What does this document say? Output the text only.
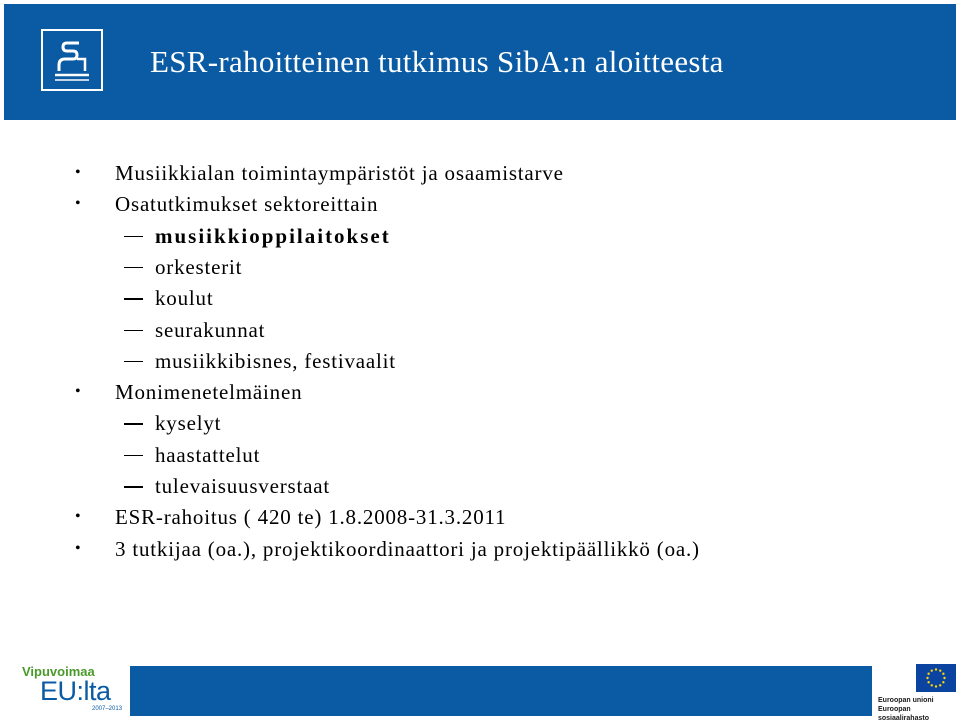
ESR-rahoitteinen tutkimus SibA:n aloitteesta
• Musiikkialan toimintaympäristöt ja osaamistarve
• Osatutkimukset sektoreittain
musiikkioppilaitokset
orkesterit
koulut
seurakunnat
musiikkibisnes, festivaalit
• Monimenetelmäinen
kyselyt
haastattelut
tulevaisuusverstaat
• ESR-rahoitus ( 420 te) 1.8.2008-31.3.2011
• 3 tutkijaa (oa.), projektikoordinaattori ja projektipäällikkö (oa.)
Vipuvoimaa
EU:lta
2007–2013
Euroopan unioni
Euroopan sosiaalirahasto
